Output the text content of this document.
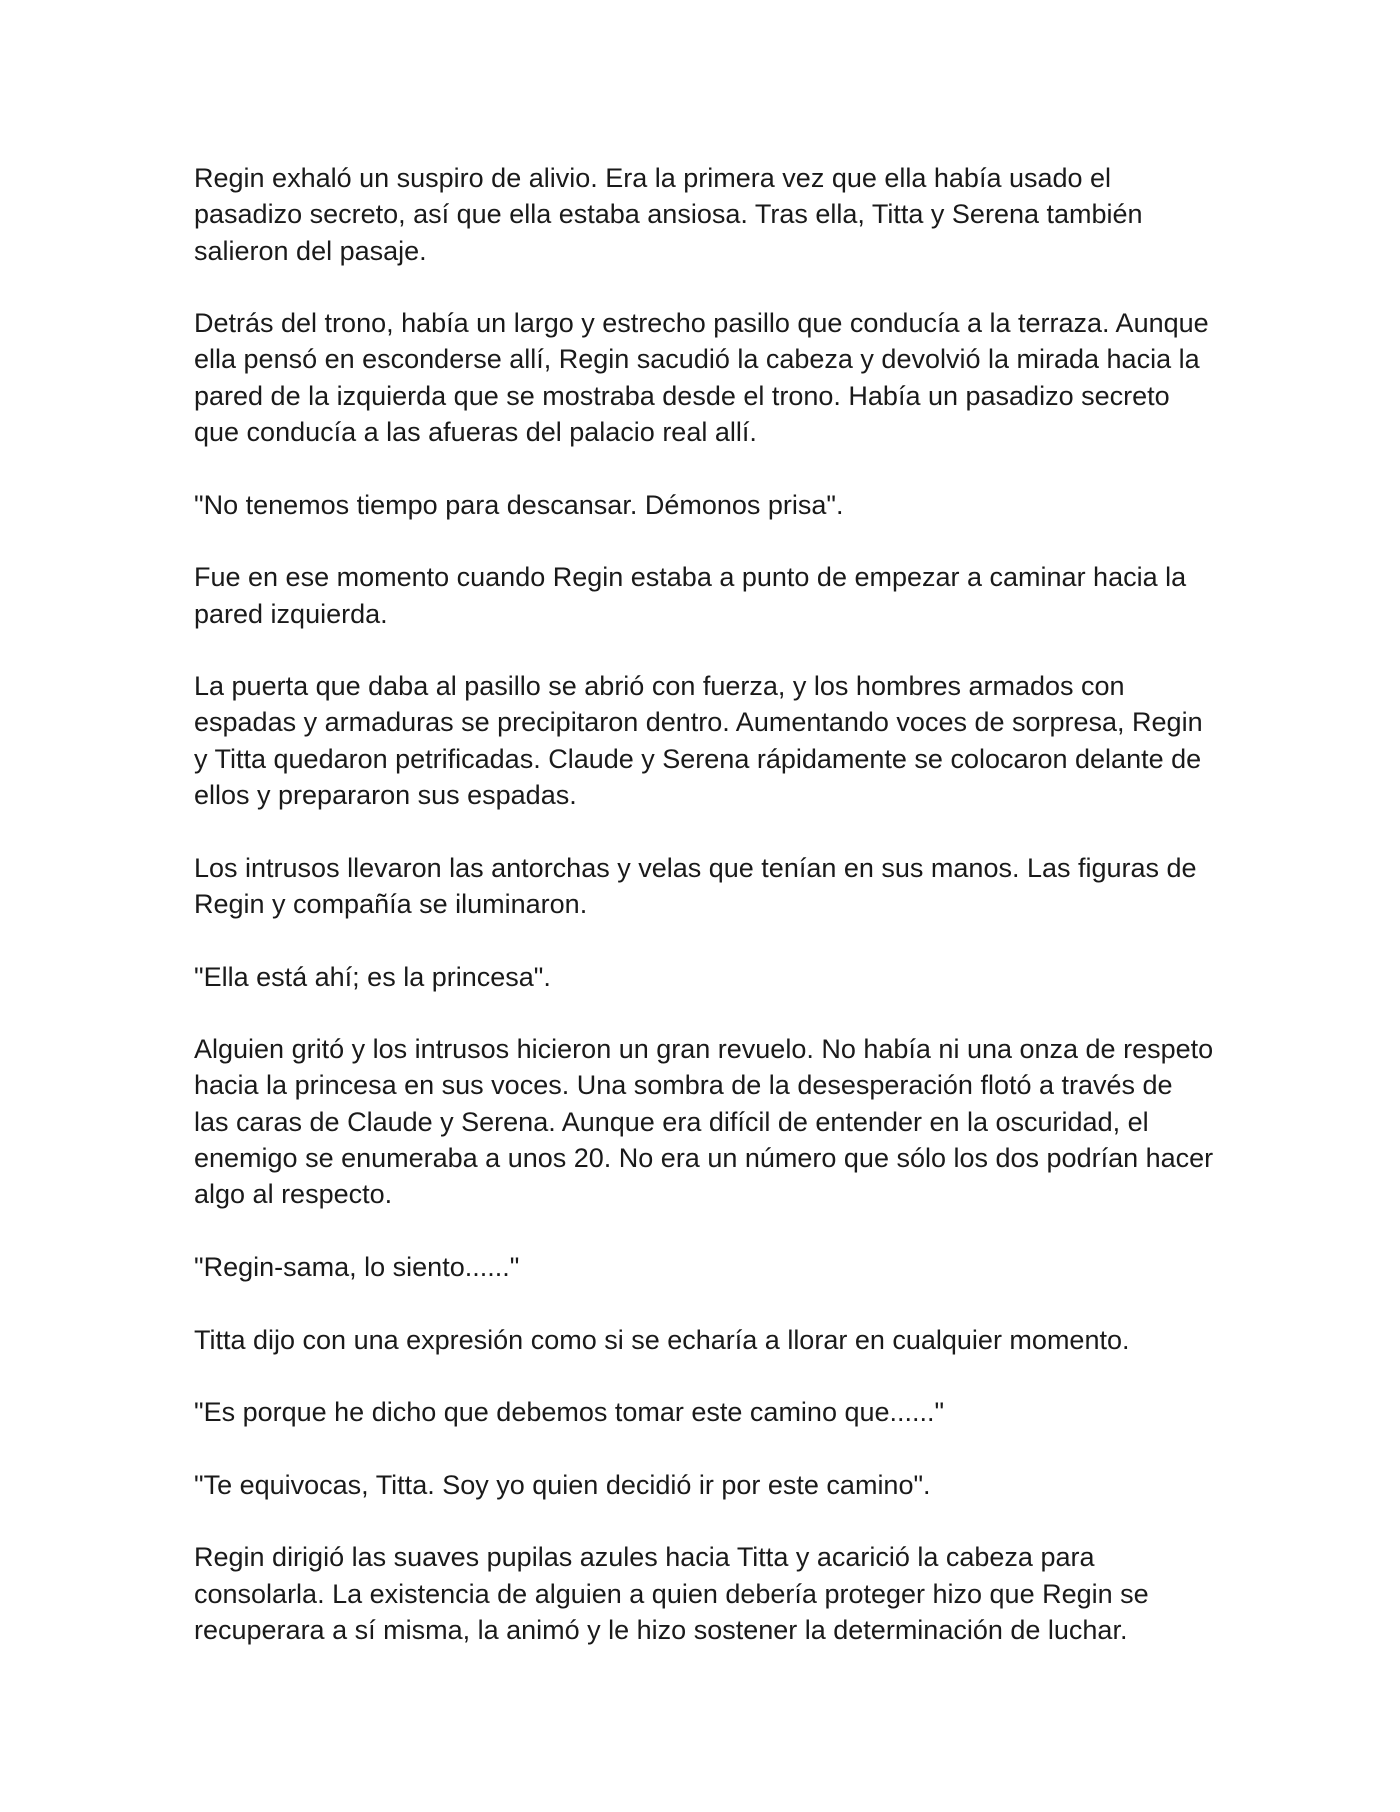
Regin exhaló un suspiro de alivio. Era la primera vez que ella había usado el pasadizo secreto, así que ella estaba ansiosa. Tras ella, Titta y Serena también salieron del pasaje.

Detrás del trono, había un largo y estrecho pasillo que conducía a la terraza. Aunque ella pensó en esconderse allí, Regin sacudió la cabeza y devolvió la mirada hacia la pared de la izquierda que se mostraba desde el trono. Había un pasadizo secreto que conducía a las afueras del palacio real allí.

"No tenemos tiempo para descansar. Démonos prisa".

Fue en ese momento cuando Regin estaba a punto de empezar a caminar hacia la pared izquierda.

La puerta que daba al pasillo se abrió con fuerza, y los hombres armados con espadas y armaduras se precipitaron dentro. Aumentando voces de sorpresa, Regin y Titta quedaron petrificadas. Claude y Serena rápidamente se colocaron delante de ellos y prepararon sus espadas.

Los intrusos llevaron las antorchas y velas que tenían en sus manos. Las figuras de Regin y compañía se iluminaron.

"Ella está ahí; es la princesa".

Alguien gritó y los intrusos hicieron un gran revuelo. No había ni una onza de respeto hacia la princesa en sus voces. Una sombra de la desesperación flotó a través de las caras de Claude y Serena. Aunque era difícil de entender en la oscuridad, el enemigo se enumeraba a unos 20. No era un número que sólo los dos podrían hacer algo al respecto.

"Regin-sama, lo siento......"

Titta dijo con una expresión como si se echaría a llorar en cualquier momento.

"Es porque he dicho que debemos tomar este camino que......"

"Te equivocas, Titta. Soy yo quien decidió ir por este camino".

Regin dirigió las suaves pupilas azules hacia Titta y acarició la cabeza para consolarla. La existencia de alguien a quien debería proteger hizo que Regin se recuperara a sí misma, la animó y le hizo sostener la determinación de luchar.
